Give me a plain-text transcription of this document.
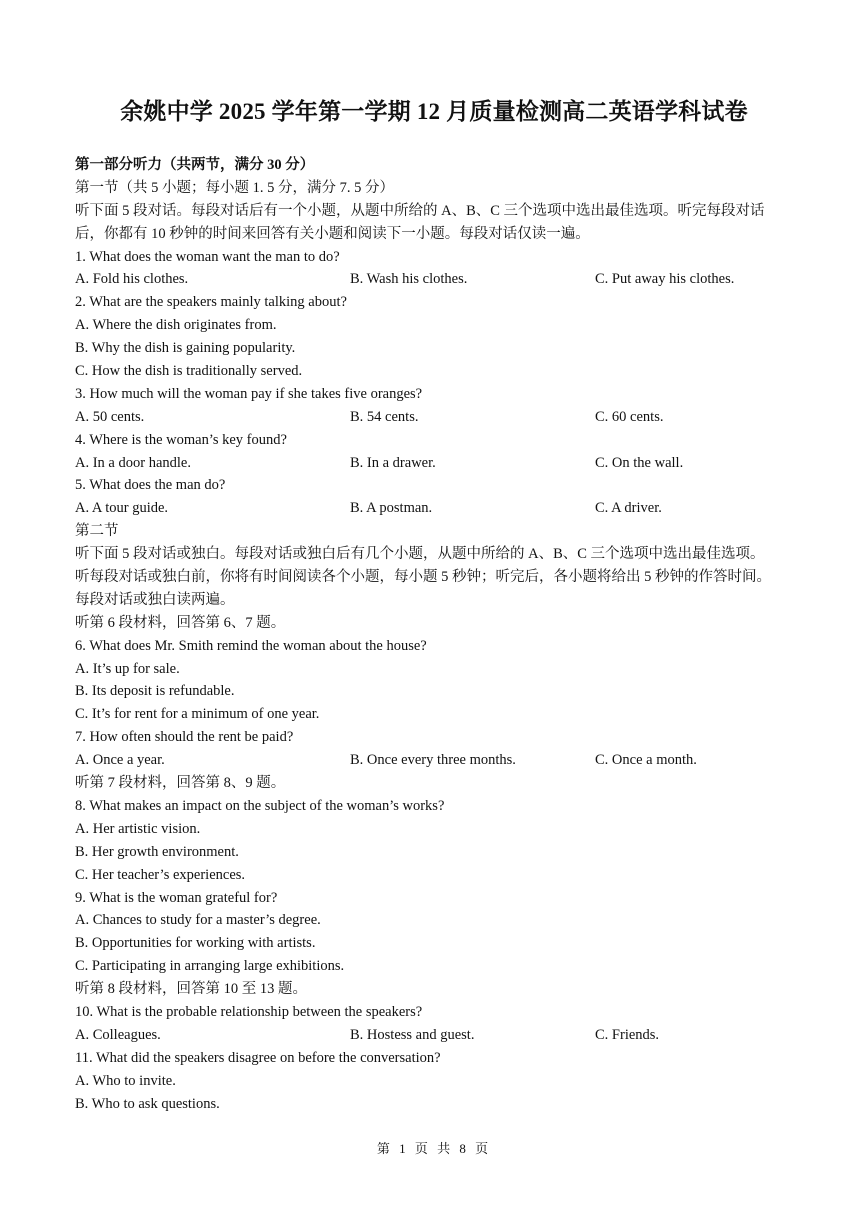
余姚中学 2025 学年第一学期 12 月质量检测高二英语学科试卷
第一部分听力（共两节，满分 30 分）
第一节（共 5 小题；每小题 1. 5 分，满分 7. 5 分）
听下面 5 段对话。每段对话后有一个小题，从题中所给的 A、B、C 三个选项中选出最佳选项。听完每段对话
后，你都有 10 秒钟的时间来回答有关小题和阅读下一小题。每段对话仅读一遍。
1. What does the woman want the man to do?
A. Fold his clothes.	B. Wash his clothes.	C. Put away his clothes.
2. What are the speakers mainly talking about?
A. Where the dish originates from.
B. Why the dish is gaining popularity.
C. How the dish is traditionally served.
3. How much will the woman pay if she takes five oranges?
A. 50 cents.	B. 54 cents.	C. 60 cents.
4. Where is the woman’s key found?
A. In a door handle.	B. In a drawer.	C. On the wall.
5. What does the man do?
A. A tour guide.	B. A postman.	C. A driver.
第二节
听下面 5 段对话或独白。每段对话或独白后有几个小题，从题中所给的 A、B、C 三个选项中选出最佳选项。
听每段对话或独白前，你将有时间阅读各个小题，每小题 5 秒钟；听完后，各小题将给出 5 秒钟的作答时间。
每段对话或独白读两遍。
听第 6 段材料，回答第 6、7 题。
6. What does Mr. Smith remind the woman about the house?
A. It’s up for sale.
B. Its deposit is refundable.
C. It’s for rent for a minimum of one year.
7. How often should the rent be paid?
A. Once a year.	B. Once every three months.	C. Once a month.
听第 7 段材料，回答第 8、9 题。
8. What makes an impact on the subject of the woman’s works?
A. Her artistic vision.
B. Her growth environment.
C. Her teacher’s experiences.
9. What is the woman grateful for?
A. Chances to study for a master’s degree.
B. Opportunities for working with artists.
C. Participating in arranging large exhibitions.
听第 8 段材料，回答第 10 至 13 题。
10. What is the probable relationship between the speakers?
A. Colleagues.	B. Hostess and guest.	C. Friends.
11. What did the speakers disagree on before the conversation?
A. Who to invite.
B. Who to ask questions.
第 1 页 共 8 页
